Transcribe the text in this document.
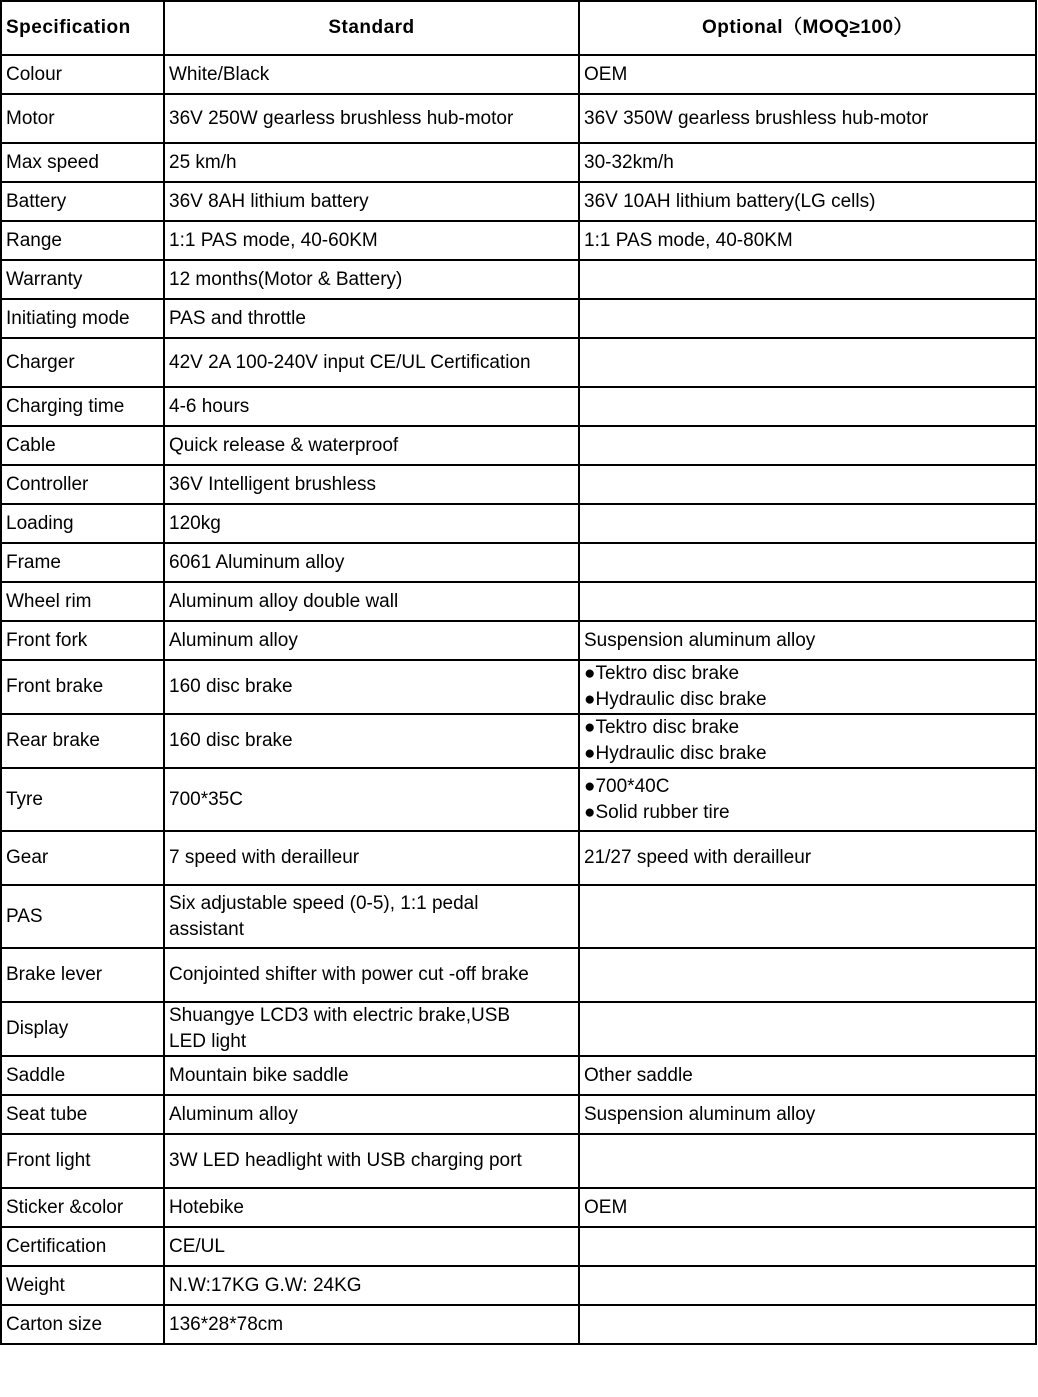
Specification	Standard	Optional（MOQ≥100）
Colour	White/Black	OEM

Motor	36V 250W gearless brushless hub-motor	36V 350W gearless brushless hub-motor

Max speed	25 km/h	30-32km/h

Battery	36V 8AH lithium battery	36V 10AH lithium battery(LG cells)

Range	1:1 PAS mode, 40-60KM	1:1 PAS mode, 40-80KM

Warranty	12 months(Motor & Battery)	

Initiating mode	PAS and throttle	

Charger	42V 2A 100-240V input CE/UL Certification	

Charging time	4-6 hours	

Cable	Quick release & waterproof	

Controller	36V Intelligent brushless	

Loading	120kg	

Frame	6061 Aluminum alloy	

Wheel rim	Aluminum alloy double wall	

Front fork	Aluminum alloy	Suspension aluminum alloy

Front brake	160 disc brake	●Tektro disc brake
●Hydraulic disc brake

Rear brake	160 disc brake	●Tektro disc brake
●Hydraulic disc brake

Tyre	700*35C	●700*40C
●Solid rubber tire

Gear	7 speed with derailleur	21/27 speed with derailleur

PAS	Six adjustable speed (0-5), 1:1 pedal
assistant	

Brake lever	Conjointed shifter with power cut -off brake	

Display	Shuangye LCD3 with electric brake,USB
LED light	

Saddle	Mountain bike saddle	Other saddle

Seat tube	Aluminum alloy	Suspension aluminum alloy

Front light	3W LED headlight with USB charging port	

Sticker &color	Hotebike	OEM

Certification	CE/UL	

Weight	N.W:17KG G.W: 24KG	

Carton size	136*28*78cm	
